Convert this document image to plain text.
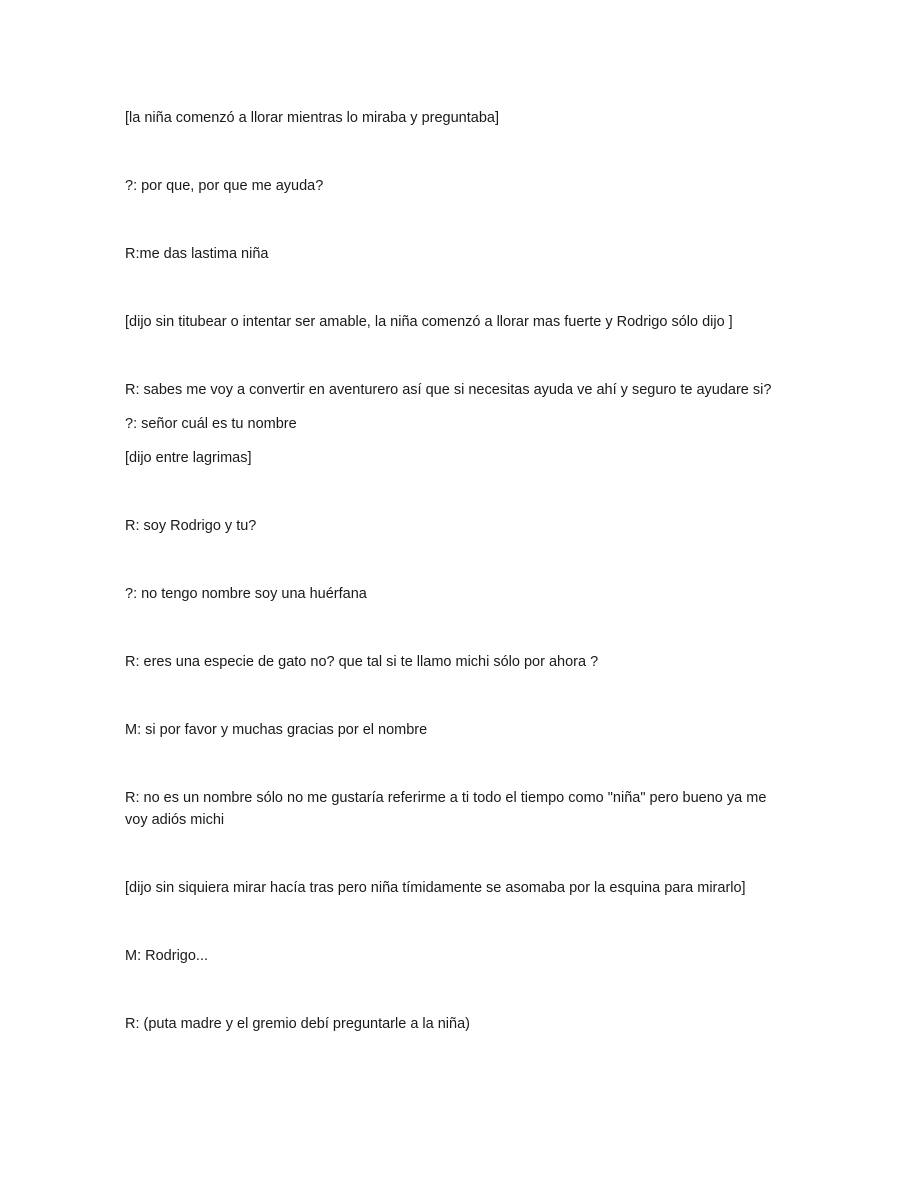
[la niña comenzó a llorar mientras lo miraba y preguntaba]

?: por que, por que me ayuda?

R:me das lastima niña

[dijo sin titubear o intentar ser amable, la niña comenzó a llorar mas fuerte y Rodrigo sólo dijo ]

R: sabes me voy a convertir en aventurero así que si necesitas ayuda ve ahí y seguro te ayudare si?

?: señor cuál es tu nombre

[dijo entre lagrimas]

R: soy Rodrigo y tu?

?: no tengo nombre soy una huérfana

R: eres una especie de gato no? que tal si te llamo michi sólo por ahora ?

M: si por favor y muchas gracias por el nombre

R: no es un nombre sólo no me gustaría referirme a ti todo el tiempo como "niña" pero bueno ya me voy adiós michi

[dijo sin siquiera mirar hacía tras pero niña tímidamente se asomaba por la esquina para mirarlo]

M: Rodrigo...

R: (puta madre y el gremio debí preguntarle a la niña)
